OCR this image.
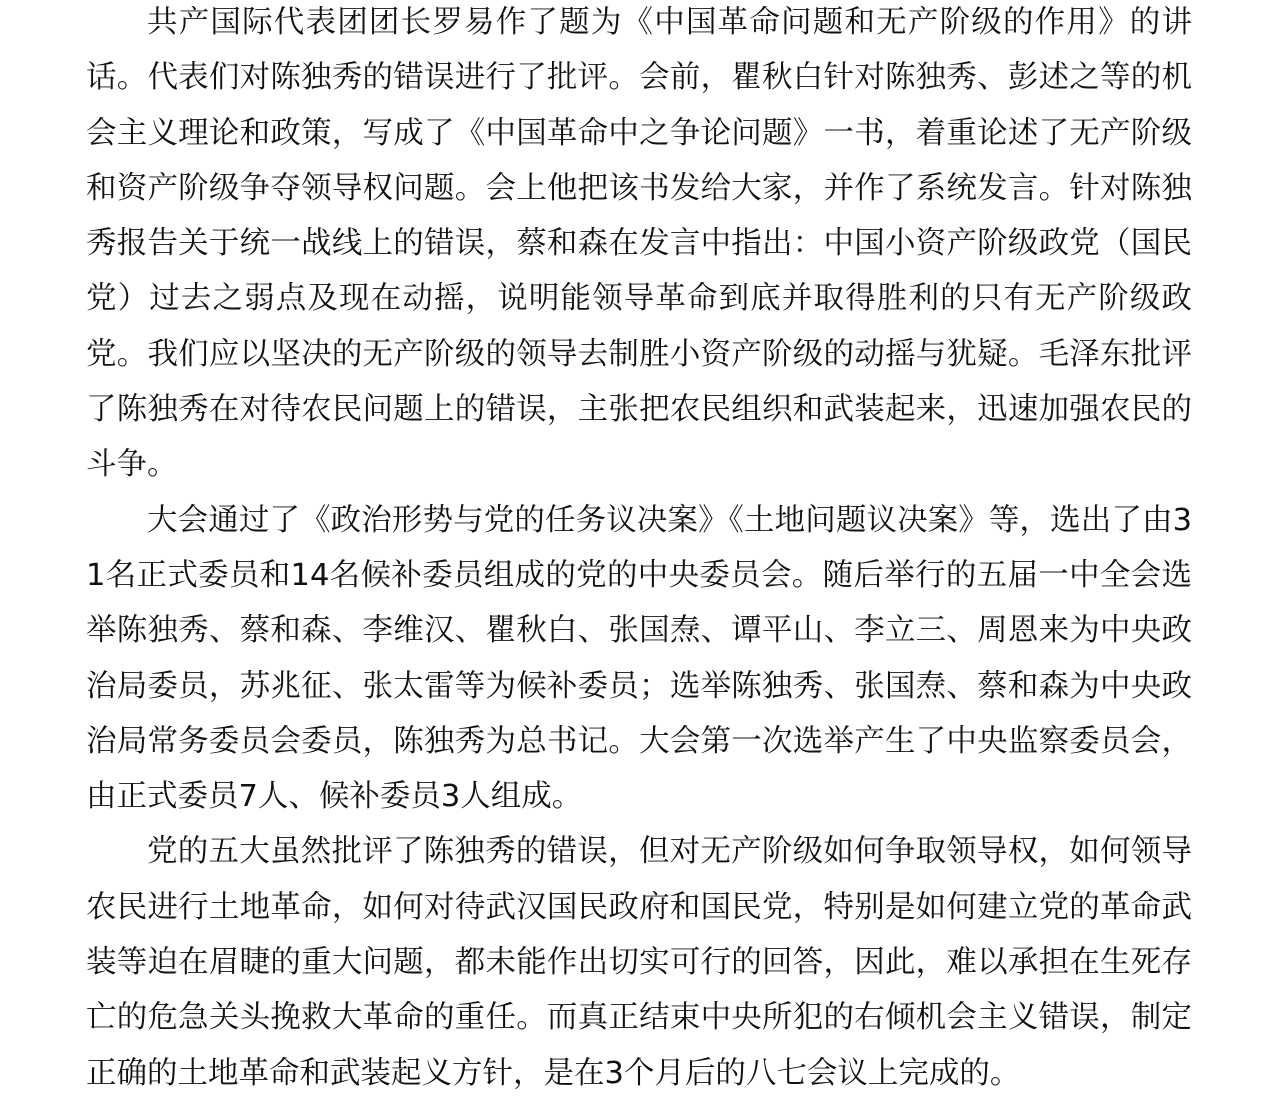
共产国际代表团团长罗易作了题为《中国革命问题和无产阶级的作用》的讲话。代表们对陈独秀的错误进行了批评。会前，瞿秋白针对陈独秀、彭述之等的机会主义理论和政策，写成了《中国革命中之争论问题》一书，着重论述了无产阶级和资产阶级争夺领导权问题。会上他把该书发给大家，并作了系统发言。针对陈独秀报告关于统一战线上的错误，蔡和森在发言中指出：中国小资产阶级政党（国民党）过去之弱点及现在动摇，说明能领导革命到底并取得胜利的只有无产阶级政党。我们应以坚决的无产阶级的领导去制胜小资产阶级的动摇与犹疑。毛泽东批评了陈独秀在对待农民问题上的错误，主张把农民组织和武装起来，迅速加强农民的斗争。

大会通过了《政治形势与党的任务议决案》《土地问题议决案》等，选出了由31名正式委员和14名候补委员组成的党的中央委员会。随后举行的五届一中全会选举陈独秀、蔡和森、李维汉、瞿秋白、张国焘、谭平山、李立三、周恩来为中央政治局委员，苏兆征、张太雷等为候补委员；选举陈独秀、张国焘、蔡和森为中央政治局常务委员会委员，陈独秀为总书记。大会第一次选举产生了中央监察委员会，由正式委员7人、候补委员3人组成。

党的五大虽然批评了陈独秀的错误，但对无产阶级如何争取领导权，如何领导农民进行土地革命，如何对待武汉国民政府和国民党，特别是如何建立党的革命武装等迫在眉睫的重大问题，都未能作出切实可行的回答，因此，难以承担在生死存亡的危急关头挽救大革命的重任。而真正结束中央所犯的右倾机会主义错误，制定正确的土地革命和武装起义方针，是在3个月后的八七会议上完成的。
